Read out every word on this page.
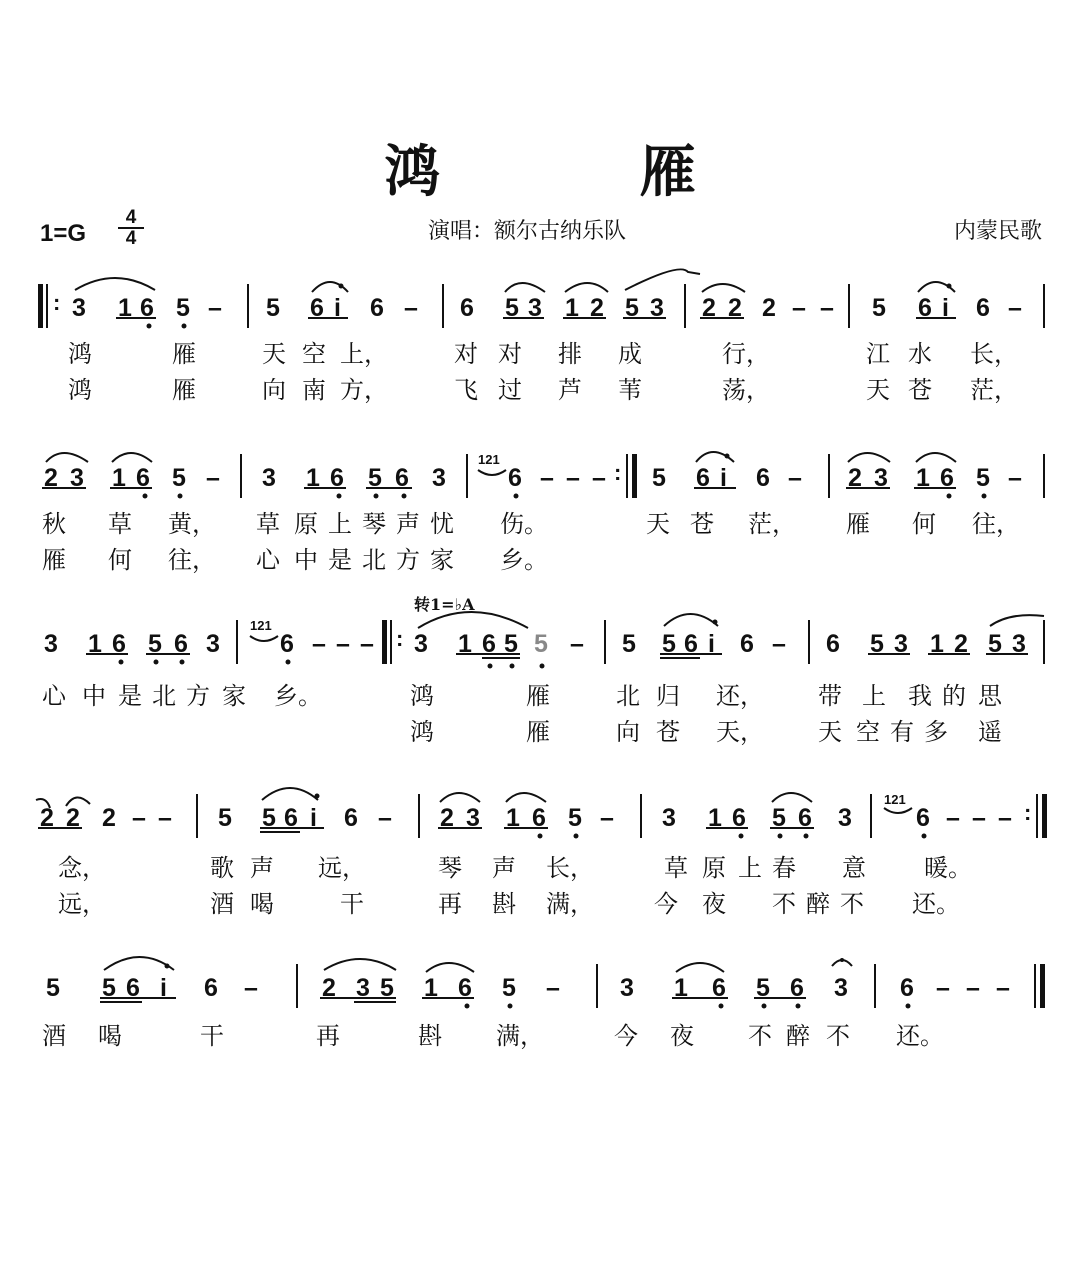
鸿 雁
$1=G \frac{4}{4}$	演唱：额尔古纳乐队	内蒙民歌
: 3 1 6 5 – 5 6 i 6 – 6 5 3 1 2 5 3 2 2 2 – – 5 6 i 6 –
鸿	雁	天 空 上，	对 对 排 成	行，	江 水 长，
鸿	雁	向 南 方，	飞 过 芦 苇	荡，	天 苍 茫，
2 3 1 6 5 – 3 1 6 5 6 3
121
6 – – – : 5 6 i 6 – 2 3 1 6 5 –
秋 草 黄， 草 原 上 琴 声 忧 伤。	天 苍 茫， 雁 何 往，
雁 何 往， 心 中 是 北 方 家 乡。
转1=♭A
3 1 6 5 6 3
121
6 – – – : 3 1 6 5 5 – 5 5 6 i 6 – 6 5 3 1 2 5 3
心 中 是 北 方 家 乡。	鸿	雁	北 归 还， 带 上 我 的 思
鸿	雁	向 苍 天， 天 空 有 多 遥
2 2 2 – – 5 5 6 i 6 – 2 3 1 6 5 – 3 1 6 5 6 3
121
6 – – – :
念，	歌 声 远，	琴 声 长，	草 原 上 春 意 暖。
远，	酒 喝	干	再 斟 满，	今 夜 不 醉 不 还。
5 5 6 i 6 –	2 3 5 1 6 5 – 3 1 6 5 6 3 6 – – –
酒 喝	干	再	斟 满，	今 夜 不 醉 不 还。
